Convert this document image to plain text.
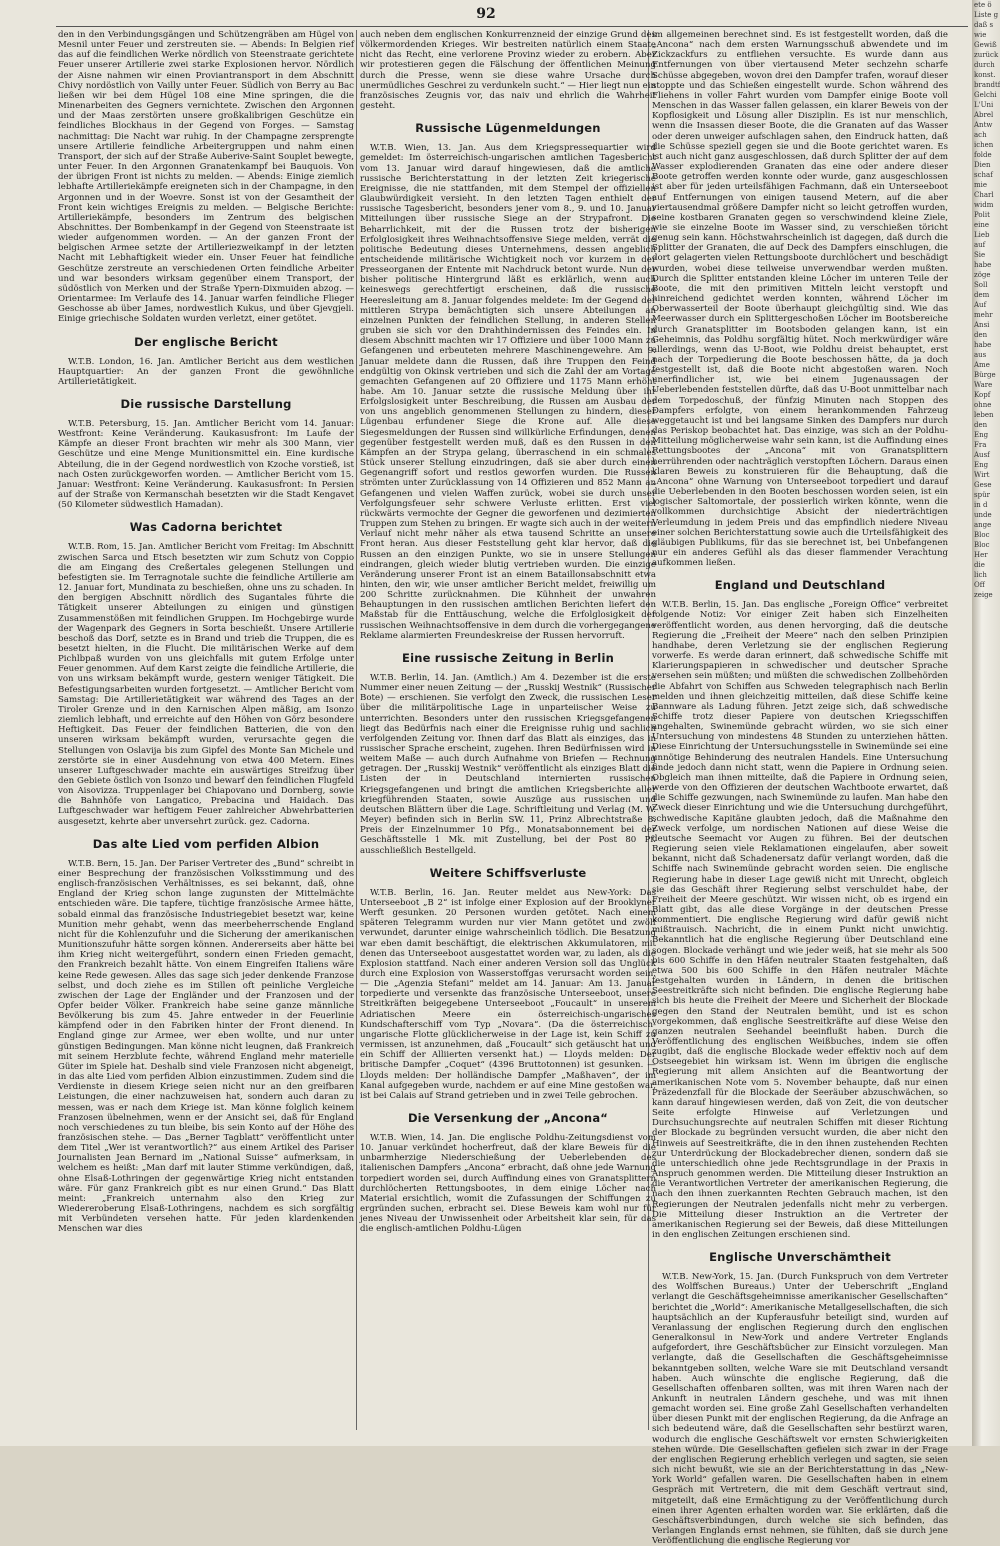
92

den in den Verbindungsgängen und Schützengräben am Hügel von Mesnil unter Feuer und zerstreuten sie. — Abends: In Belgien rief das auf die feindlichen Werke nördlich von Steenstraate gerichtete Feuer unserer Artillerie zwei starke Explosionen hervor. Nördlich der Aisne nahmen wir einen Proviantransport in dem Abschnitt Chivy nordöstlich von Vailly unter Feuer. Südlich von Berry au Bac ließen wir bei dem Hügel 108 eine Mine springen, die die Minenarbeiten des Gegners vernichtete. Zwischen den Argonnen und der Maas zerstörten unsere großkalibrigen Geschütze ein feindliches Blockhaus in der Gegend von Forges. — Samstag nachmittag: Die Nacht war ruhig. In der Champagne zersprengte unsere Artillerie feindliche Arbeitergruppen und nahm einen Transport, der sich auf der Straße Auberive-Saint Souplet bewegte, unter Feuer. In den Argonnen Granatenkampf bei Bauquois. Von der übrigen Front ist nichts zu melden. — Abends: Einige ziemlich lebhafte Artilleriekämpfe ereigneten sich in der Champagne, in den Argonnen und in der Woevre. Sonst ist von der Gesamtheit der Front kein wichtiges Ereignis zu melden. — Belgische Berichte: Artilleriekämpfe, besonders im Zentrum des belgischen Abschnittes. Der Bombenkampf in der Gegend von Steenstraate ist wieder aufgenommen worden. — An der ganzen Front der belgischen Armee setzte der Artilleriezweikampf in der letzten Nacht mit Lebhaftigkeit wieder ein. Unser Feuer hat feindliche Geschütze zerstreute an verschiedenen Orten feindliche Arbeiter und war besonders wirksam gegenüber einem Transport, der südöstlich von Merken und der Straße Ypern-Dixmuiden abzog. — Orientarmee: Im Verlaufe des 14. Januar warfen feindliche Flieger Geschosse ab über James, nordwestlich Kukus, und über Gjevgjeli. Einige griechische Soldaten wurden verletzt, einer getötet.

Der englische Bericht

W.T.B. London, 16. Jan. Amtlicher Bericht aus dem westlichen Hauptquartier: An der ganzen Front die gewöhnliche Artillerietätigkeit.

Die russische Darstellung

W.T.B. Petersburg, 15. Jan. Amtlicher Bericht vom 14. Januar: Westfront: Keine Veränderung. Kaukasusfront: Im Laufe der Kämpfe an dieser Front brachten wir mehr als 300 Mann, vier Geschütze und eine Menge Munitionsmittel ein. Eine kurdische Abteilung, die in der Gegend nordwestlich von Kzoche vorstieß, ist nach Osten zurückgeworfen worden. — Amtlicher Bericht vom 15. Januar: Westfront: Keine Veränderung. Kaukasusfront: In Persien auf der Straße von Kermanschah besetzten wir die Stadt Kengavet (50 Kilometer südwestlich Hamadan).

Was Cadorna berichtet

W.T.B. Rom, 15. Jan. Amtlicher Bericht vom Freitag: Im Abschnitt zwischen Sarca und Etsch besetzten wir zum Schutz von Coppio die am Eingang des Creßertales gelegenen Stellungen und befestigten sie. Im Terragnotale suchte die feindliche Artillerie am 12. Januar fort, Mundinata zu beschießen, ohne uns zu schaden. In den bergigen Abschnitt nördlich des Sugantales führte die Tätigkeit unserer Abteilungen zu einigen und günstigen Zusammenstößen mit feindlichen Gruppen. Im Hochgebirge wurde der Wagenpark des Gegners in Sorta beschießt. Unsere Artillerie beschoß das Dorf, setzte es in Brand und trieb die Truppen, die es besetzt hielten, in die Flucht. Die militärischen Werke auf dem Pichlbpaß wurden von uns gleichfalls mit gutem Erfolge unter Feuer genommen. Auf dem Karst zeigte die feindliche Artillerie, die von uns wirksam bekämpft wurde, gestern weniger Tätigkeit. Die Befestigungsarbeiten wurden fortgesetzt. — Amtlicher Bericht vom Samstag: Die Artillerietätigkeit war während des Tages an der Tiroler Grenze und in den Karnischen Alpen mäßig, am Isonzo ziemlich lebhaft, und erreichte auf den Höhen von Görz besondere Heftigkeit. Das Feuer der feindlichen Batterien, die von den unseren wirksam bekämpft wurden, verursachte gegen die Stellungen von Oslavija bis zum Gipfel des Monte San Michele und zerstörte sie in einer Ausdehnung von etwa 400 Metern. Eines unserer Luftgeschwader machte ein auswärtiges Streifzug über den Gebiete östlich von Isonzo und bewarf den feindlichen Flugfeld von Aisovizza. Truppenlager bei Chiapovano und Dornberg, sowie die Bahnhöfe von Langatico, Prebacina und Haidach. Das Luftgeschwader war heftigem Feuer zahlreicher Abwehrbatterien ausgesetzt, kehrte aber unversehrt zurück. gez. Cadorna.

Das alte Lied vom perfiden Albion

W.T.B. Bern, 15. Jan. Der Pariser Vertreter des „Bund“ schreibt in einer Besprechung der französischen Volksstimmung und des englisch-französischen Verhältnisses, es sei bekannt, daß, ohne England der Krieg schon lange zugunsten der Mittelmächte entschieden wäre. Die tapfere, tüchtige französische Armee hätte, sobald einmal das französische Industriegebiet besetzt war, keine Munition mehr gehabt, wenn das meerbeherrschende England nicht für die Kohlenzufuhr und die Sicherung der amerikanischen Munitionszufuhr hätte sorgen können. Andererseits aber hätte bei ihm Krieg nicht weitergeführt, sondern einen Frieden gemacht, den Frankreich bezahlt hätte. Von einem Eingreifen Italiens wäre keine Rede gewesen. Alles das sage sich jeder denkende Franzose selbst, und doch ziehe es im Stillen oft peinliche Vergleiche zwischen der Lage der Engländer und der Franzosen und der Opfer beider Völker. Frankreich habe seine ganze männliche Bevölkerung bis zum 45. Jahre entweder in der Feuerlinie kämpfend oder in den Fabriken hinter der Front dienend. In England ginge zur Armee, wer eben wollte, und nur unter günstigen Bedingungen. Man könne nicht leugnen, daß Frankreich mit seinem Herzblute fechte, während England mehr materielle Güter im Spiele hat. Deshalb sind viele Franzosen nicht abgeneigt, in das alte Lied vom perfiden Albion einzustimmen. Zudem sind die Verdienste in diesem Kriege seien nicht nur an den greifbaren Leistungen, die einer nachzuweisen hat, sondern auch daran zu messen, was er nach dem Kriege ist. Man könne folglich keinem Franzosen übelnehmen, wenn er der Ansicht sei, daß für England noch verschiedenes zu tun bleibe, bis sein Konto auf der Höhe des französischen stehe. — Das „Berner Tagblatt“ veröffentlicht unter dem Titel „Wer ist verantwortlich?“ aus einem Artikel des Pariser Journalisten Jean Bernard im „National Suisse“ aufmerksam, in welchem es heißt: „Man darf mit lauter Stimme verkündigen, daß, ohne Elsaß-Lothringen der gegenwärtige Krieg nicht entstanden wäre. Für ganz Frankreich gibt es nur einen Grund.“ Das Blatt meint: „Frankreich unternahm also den Krieg zur Wiedereroberung Elsaß-Lothringens, nachdem es sich sorgfältig mit Verbündeten versehen hatte. Für jeden klardenkenden Menschen war dies

auch neben dem englischen Konkurrenzneid der einzige Grund des völkermordenden Krieges. Wir bestreiten natürlich einem Staate nicht das Recht, eine verlorene Provinz wieder zu erobern. Aber wir protestieren gegen die Fälschung der öffentlichen Meinung durch die Presse, wenn sie diese wahre Ursache durch unermüdliches Geschrei zu verdunkeln sucht.“ — Hier liegt nun ein französisches Zeugnis vor, das naiv und ehrlich die Wahrheit gesteht.

Russische Lügenmeldungen

W.T.B. Wien, 13. Jan. Aus dem Kriegspressequartier wird gemeldet: Im österreichisch-ungarischen amtlichen Tagesbericht vom 13. Januar wird darauf hingewiesen, daß die amtliche russische Berichterstattung in der letzten Zeit kriegerische Ereignisse, die nie stattfanden, mit dem Stempel der offiziellen Glaubwürdigkeit versieht. In den letzten Tagen enthielt der russische Tagesbericht, besonders jener vom 8., 9. und 10. Januar Mitteilungen über russische Siege an der Strypafront. Die Beharrlichkeit, mit der die Russen trotz der bisherigen Erfolglosigkeit ihres Weihnachtsoffensive Siege melden, verrät die politische Bedeutung dieses Unternehmens, dessen angeblich entscheidende militärische Wichtigkeit noch vor kurzem in der Presseorganen der Entente mit Nachdruck betont wurde. Nun der bisher politische Hintergrund läßt es erklärlich, wenn auch keineswegs gerechtfertigt erscheinen, daß die russische Heeresleitung am 8. Januar folgendes meldete: Im der Gegend der mittleren Strypa bemächtigten sich unsere Abteilungen an einzelnen Punkten der feindlichen Stellung, in anderen Stellen gruben sie sich vor den Drahthindernissen des Feindes ein. In diesem Abschnitt machten wir 17 Offiziere und über 1000 Mann zu Gefangenen und erbeuteten mehrere Maschinengewehre. Am 9. Januar meldete dann die Russen, daß ihre Truppen den Feind endgültig von Okinsk vertrieben und sich die Zahl der am Vortage gemachten Gefangenen auf 20 Offiziere und 1175 Mann erhöht habe. Am 10. Januar setzte die russische Meldung über ihr Erfolgslosigkeit unter Beschreibung, die Russen am Ausbau der von uns angeblich genommenen Stellungen zu hindern, dieser Lügenbau erfundener Siege die Krone auf. Alle diese Siegesmeldungen der Russen sind willkürliche Erfindungen, denen gegenüber festgestellt werden muß, daß es den Russen in den Kämpfen an der Strypa gelang, überraschend in ein schmales Stück unserer Stellung einzudringen, daß sie aber durch einen Gegenangriff sofort und restlos geworfen wurden. Die Russen strömten unter Zurücklassung von 14 Offizieren und 852 Mann an Gefangenen und vielen Waffen zurück, wobei sie durch unser Verfolgungsfeuer sehr schwere Verluste erlitten. Erst viel rückwärts vermochte der Gegner die geworfenen und dezimierten Truppen zum Stehen zu bringen. Er wagte sich auch in der weitern Verlauf nicht mehr näher als etwa tausend Schritte an unsere Front heran. Aus dieser Feststellung geht klar hervor, daß die Russen an den einzigen Punkte, wo sie in unsere Stellungen eindrangen, gleich wieder blutig vertrieben wurden. Die einzige Veränderung unserer Front ist an einem Bataillonsabschnitt etwa hinten, den wir, wie unser amtlicher Bericht meldet, freiwillig um 200 Schritte zurücknahmen. Die Kühnheit der unwahren Behauptungen in den russischen amtlichen Berichten liefert den Maßstab für die Enttäuschung, welche die Erfolglosigkeit der russischen Weihnachtsoffensive in dem durch die vorhergegangene Reklame alarmierten Freundeskreise der Russen hervorruft.

Eine russische Zeitung in Berlin

W.T.B. Berlin, 14. Jan. (Amtlich.) Am 4. Dezember ist die erste Nummer einer neuen Zeitung — der „Russkij Westnik“ (Russischer Bote) — erschienen. Sie verfolgt den Zweck, die russischen Leser über die militärpolitische Lage in unparteiischer Weise zu unterrichten. Besonders unter den russischen Kriegsgefangenen liegt das Bedürfnis nach einer die Ereignisse ruhig und sachlich verfolgenden Zeitung vor. Ihnen darf das Blatt als einziges, das in russischer Sprache erscheint, zugehen. Ihren Bedürfnissen wird in weitem Maße — auch durch Aufnahme von Briefen — Rechnung getragen. Der „Russkij Westnik“ veröffentlicht als einziges Blatt die Listen der in Deutschland internierten russischen Kriegsgefangenen und bringt die amtlichen Kriegsberichte aller kriegführenden Staaten, sowie Auszüge aus russischen und deutschen Blättern über die Lage. Schriftleitung und Verlag (M. W. Meyer) befinden sich in Berlin SW. 11, Prinz Albrechtstraße 8. Preis der Einzelnummer 10 Pfg., Monatsabonnement bei der Geschäftsstelle 1 Mk. mit Zustellung, bei der Post 80 Pf. ausschließlich Bestellgeld.

Weitere Schiffsverluste

W.T.B. Berlin, 16. Jan. Reuter meldet aus New-York: Das Unterseeboot „B 2“ ist infolge einer Explosion auf der Brooklyner Werft gesunken. 20 Personen wurden getötet. Nach einem späteren Telegramm wurden nur vier Mann getötet und zwölf verwundet, darunter einige wahrscheinlich tödlich. Die Besatzung war eben damit beschäftigt, die elektrischen Akkumulatoren, mit denen das Unterseeboot ausgestattet worden war, zu laden, als die Explosion stattfand. Nach einer anderen Version soll das Unglück durch eine Explosion von Wasserstoffgas verursacht worden sein. — Die „Agenzia Stefani“ meldet am 14. Januar: Am 13. Januar torpedierte und versenkte das französische Unterseeboot, unsere Streitkräften beigegebene Unterseeboot „Foucault“ in unserem Adriatischen Meere ein österreichisch-ungarisches Kundschafterschiff vom Typ „Novara“. (Da die österreichisch-ungarische Flotte glücklicherweise in der Lage ist, kein Schiff zu vermissen, ist anzunehmen, daß „Foucault“ sich getäuscht hat und ein Schiff der Alliierten versenkt hat.) — Lloyds melden: Der britische Dampfer „Coquet“ (4396 Bruttotonnen) ist gesunken. — Lloyds melden: Der holländische Dampfer „Maßhaven“, der im Kanal aufgegeben wurde, nachdem er auf eine Mine gestoßen war, ist bei Calais auf Strand getrieben und in zwei Teile gebrochen.

Die Versenkung der „Ancona“

W.T.B. Wien, 14. Jan. Die englische Poldhu-Zeitungsdienst vom 10. Januar verkündet hocherfreut, daß der klare Beweis für die unbarmherzige Niederschießung der Ueberlebenden des italienischen Dampfers „Ancona“ erbracht, daß ohne jede Warnung torpediert worden sei, durch Auffindung eines von Granatsplittern durchlöcherten Rettungsbootes, in dem einige Löcher nach Material ersichtlich, womit die Zufassungen der Schiffungen zu ergründen suchen, erbracht sei. Diese Beweis kam wohl nur für jenes Niveau der Unwissenheit oder Arbeitsheit klar sein, für das die englisch-amtlichen Poldhu-Lügen

im allgemeinen berechnet sind. Es ist festgestellt worden, daß die „Ancona“ nach dem ersten Warnungsschuß abwendete und im Zickzackfurs zu entfliehen versuchte. Es wurde dann aus Entfernungen von über viertausend Meter sechzehn scharfe Schüsse abgegeben, wovon drei den Dampfer trafen, worauf dieser stoppte und das Schießen eingestellt wurde. Schon während des Fliehens in voller Fahrt wurden vom Dampfer einige Boote voll Menschen in das Wasser fallen gelassen, ein klarer Beweis von der Kopflosigkeit und Lösung aller Disziplin. Es ist nur menschlich, wenn die Insassen dieser Boote, die die Granaten auf das Wasser oder deren unweiger aufschlagen sahen, den Eindruck hatten, daß die Schüsse speziell gegen sie und die Boote gerichtet waren. Es ist auch nicht ganz ausgeschlossen, daß durch Splitter der auf dem Wasser explodierenden Granaten das eine oder andere dieser Boote getroffen werden konnte oder wurde, ganz ausgeschlossen ist aber für jeden urteilsfähigen Fachmann, daß ein Unterseeboot auf Entfernungen von einigen tausend Metern, auf die aber viertausendmal größere Dampfer nicht so leicht getroffen wurden, seine kostbaren Granaten gegen so verschwindend kleine Ziele, wie sie einzelne Boote im Wasser sind, zu verschießen töricht genug sein kann. Höchstwahrscheinlich ist dagegen, daß durch die Splitter der Granaten, die auf Deck des Dampfers einschlugen, die dort gelagerten vielen Rettungsboote durchlöchert und beschädigt wurden, wobei diese teilweise unverwendbar werden mußten. Durch die Splitter entstanden kleine Löcher im unteren Teile der Boote, die mit den primitiven Mitteln leicht verstopft und hinreichend gedichtet werden konnten, während Löcher im Oberwasserteil der Boote überhaupt gleichgültig sind. Wie das Meerwasser durch ein Splittergeschoßen Löcher im Bootsbereiche durch Granatsplitter im Bootsboden gelangen kann, ist ein Geheimnis, das Poldhu sorgfältig hütet. Noch merkwürdiger wäre allerdings, wenn das U-Boot, wie Poldhu dreist behauptet, erst nach der Torpedierung die Boote beschossen hätte, da ja doch festgestellt ist, daß die Boote nicht abgestoßen waren. Noch unerfindlicher ist, wie bei einem Jugenaussagen der Ueberlebenden feststellen dürfte, daß das U-Boot unmittelbar nach dem Torpedoschuß, der fünfzig Minuten nach Stoppen des Dampfers erfolgte, von einem herankommenden Fahrzeug weggetaucht ist und bei langsame Sinken des Dampfers nur durch das Periskop beobachtet hat. Das einzige, was sich an der Poldhu-Mitteilung möglicherweise wahr sein kann, ist die Auffindung eines Rettungsbootes der „Ancona“ mit von Granatsplittern herrührenden oder nachträglich verstopften Löchern. Daraus einen klaren Beweis zu konstruieren für die Behauptung, daß die „Ancona“ ohne Warnung von Unterseeboot torpediert und darauf die Ueberlebenden in den Booten beschossen worden seien, ist ein logischer Saltomortale, der possierlich wirken könnte, wenn die vollkommen durchsichtige Absicht der niederträchtigen Verleumdung in jedem Preis und das empfindlich niedere Niveau einer solchen Berichterstattung sowie auch die Urteilsfähigkeit des gläubigen Publikums, für das sie berechnet ist, bei Unbefangenen nur ein anderes Gefühl als das dieser flammender Verachtung aufkommen ließen.

England und Deutschland

W.T.B. Berlin, 15. Jan. Das englische „Foreign Office“ verbreitet folgende Notiz: Vor einiger Zeit haben sich Einzelheiten veröffentlicht worden, aus denen hervorging, daß die deutsche Regierung die „Freiheit der Meere“ nach den selben Prinzipien handhabe, deren Verletzung sie der englischen Regierung vorwerfe. Es werde daran erinnert, daß schwedische Schiffe mit Klarierungspapieren in schwedischer und deutscher Sprache versehen sein müßten; und müßten die schwedischen Zollbehörden die Abfahrt von Schiffen aus Schweden telegraphisch nach Berlin melden und ihnen gleichzeitig mitteilen, daß diese Schiffe keine Bannware als Ladung führen. Jetzt zeige sich, daß schwedische Schiffe trotz dieser Papiere von deutschen Kriegsschiffen angehalten, Swinemünde gebracht würden, wo sie sich einer Untersuchung von mindestens 48 Stunden zu unterziehen hätten. Diese Einrichtung der Untersuchungsstelle in Swinemünde sei eine unnötige Behinderung des neutralen Handels. Eine Untersuchung finde jedoch dann nicht statt, wenn die Papiere in Ordnung seien. Obgleich man ihnen mitteilte, daß die Papiere in Ordnung seien, werde von den Offizieren der deutschen Wachtboote erwartet, daß die Schiffe gezwungen, nach Swinemünde zu laufen. Man habe den Zweck dieser Einrichtung und wie die Untersuchung durchgeführt, schwedische Kapitäne glaubten jedoch, daß die Maßnahme den Zweck verfolge, um nordischen Nationen auf diese Weise die deutsche Seemacht vor Augen zu führen. Bei der deutschen Regierung seien viele Reklamationen eingelaufen, aber soweit bekannt, nicht daß Schadenersatz dafür verlangt worden, daß die Schiffe nach Swinemünde gebracht worden seien. Die englische Regierung habe in dieser Lage gewiß nicht mit Unrecht, obgleich sie das Geschäft ihrer Regierung selbst verschuldet habe, der Freiheit der Meere geschützt. Wir wissen nicht, ob es irgend ein Blatt gibt, das alle diese Vorgänge in der deutschen Presse kommentiert. Die englische Regierung wird dafür gewiß nicht mißtrauisch. Nachricht, die in einem Punkt nicht unwichtig. Bekanntlich hat die englische Regierung über Deutschland eine sogen. Blockade verhängt und wie jeder weiß, hat sie mehr als 500 bis 600 Schiffe in den Häfen neutraler Staaten festgehalten, daß etwa 500 bis 600 Schiffe in den Häfen neutraler Mächte festgehalten wurden in Ländern, in denen die britischen Seestreitkräfte sich nicht befinden. Die englische Regierung habe sich bis heute die Freiheit der Meere und Sicherheit der Blockade gegen den Stand der Neutralen bemüht, und ist es schon vorgekommen, daß englische Seestreitkräfte auf diese Weise den ganzen neutralen Seehandel beeinflußt haben. Durch die Veröffentlichung des englischen Weißbuches, indem sie offen zugibt, daß die englische Blockade weder effektiv noch auf dem Ostseegebiet hin wirksam ist. Wenn im übrigen die englische Regierung mit allem Ansichten auf die Beantwortung der amerikanischen Note vom 5. November behaupte, daß nur einen Präzedenzfall für die Blockade der Seeräuber abzuschwächen, so kann darauf hingewiesen werden, daß von Zeit, die von deutscher Seite erfolgte Hinweise auf Verletzungen und Durchsuchungsrechte auf neutralen Schiffen mit dieser Richtung der Blockade zu begründen versucht wurden, die aber nicht den Hinweis auf Seestreitkräfte, die in den ihnen zustehenden Rechten zur Unterdrückung der Blockadebrecher dienen, sondern daß sie die unterschiedlich ohne jede Rechtsgrundlage in der Praxis in Anspruch genommen werden. Die Mitteilung dieser Instruktion an die Verantwortlichen Vertreter der amerikanischen Regierung, die nach den ihnen zuerkannten Rechten Gebrauch machen, ist den Regierungen der Neutralen jedenfalls nicht mehr zu verbergen. Die Mitteilung dieser Instruktion an die Vertreter der amerikanischen Regierung sei der Beweis, daß diese Mitteilungen in den englischen Zeitungen erschienen sind.

Englische Unverschämtheit

W.T.B. New-York, 15. Jan. (Durch Funkspruch von dem Vertreter des Wolffschen Bureaus.) Unter der Ueberschrift „England verlangt die Geschäftsgeheimnisse amerikanischer Gesellschaften“ berichtet die „World“: Amerikanische Metallgesellschaften, die sich hauptsächlich an der Kupferausfuhr beteiligt sind, wurden auf Veranlassung der englischen Regierung durch den englischen Generalkonsul in New-York und andere Vertreter Englands aufgefordert, ihre Geschäftsbücher zur Einsicht vorzulegen. Man verlangte, daß die Gesellschaften die Geschäftsgeheimnisse bekanntgeben sollten, welche Ware sie mit Deutschland versandt haben. Auch wünschte die englische Regierung, daß die Gesellschaften offenbaren sollten, was mit ihren Waren nach der Ankunft in neutralen Ländern geschehe, und was mit ihnen gemacht worden sei. Eine große Zahl Gesellschaften verhandelten über diesen Punkt mit der englischen Regierung, da die Anfrage an sich bedeutend wäre, daß die Gesellschaften sehr bestürzt waren, wodurch die englische Geschäftswelt vor ernsten Schwierigkeiten stehen würde. Die Gesellschaften gefielen sich zwar in der Frage der englischen Regierung erheblich verlegen und sagten, sie seien sich nicht bewußt, wie sie an der Berichterstattung in das „New-York World“ gefallen waren. Die Gesellschaften haben in einem Gespräch mit Vertretern, die mit dem Geschäft vertraut sind, mitgeteilt, daß eine Ermächtigung zu der Veröffentlichung durch einen ihrer Agenten erhalten worden war. Sie erklärten, daß die Geschäftsverbindungen, durch welche sie sich befinden, das Verlangen Englands ernst nehmen, sie fühlten, daß sie durch jene Veröffentlichung die englische Regierung vor

ete ö
Liste g
daß s
wie
Gewiß
zurück
durch
konst.
brandtf
Gelchi
L'Uni
Abrel
Antw
ach
ichen
folde
Dien
schaf
mie
Charl
widm
Polit
eine
Lieb
auf
Sie
habe
zöge
Soll
dem
Auf
mehr
Ansi
den
habe
aus
Ame
Bürge
Ware
Kopf
ohne
leben
den
Eng
Fra
Ausf
Eng
Wirt
Gese
spür
in d
unde
ange
Bloc
Bloc
Her
die
lich
Off
zeige
